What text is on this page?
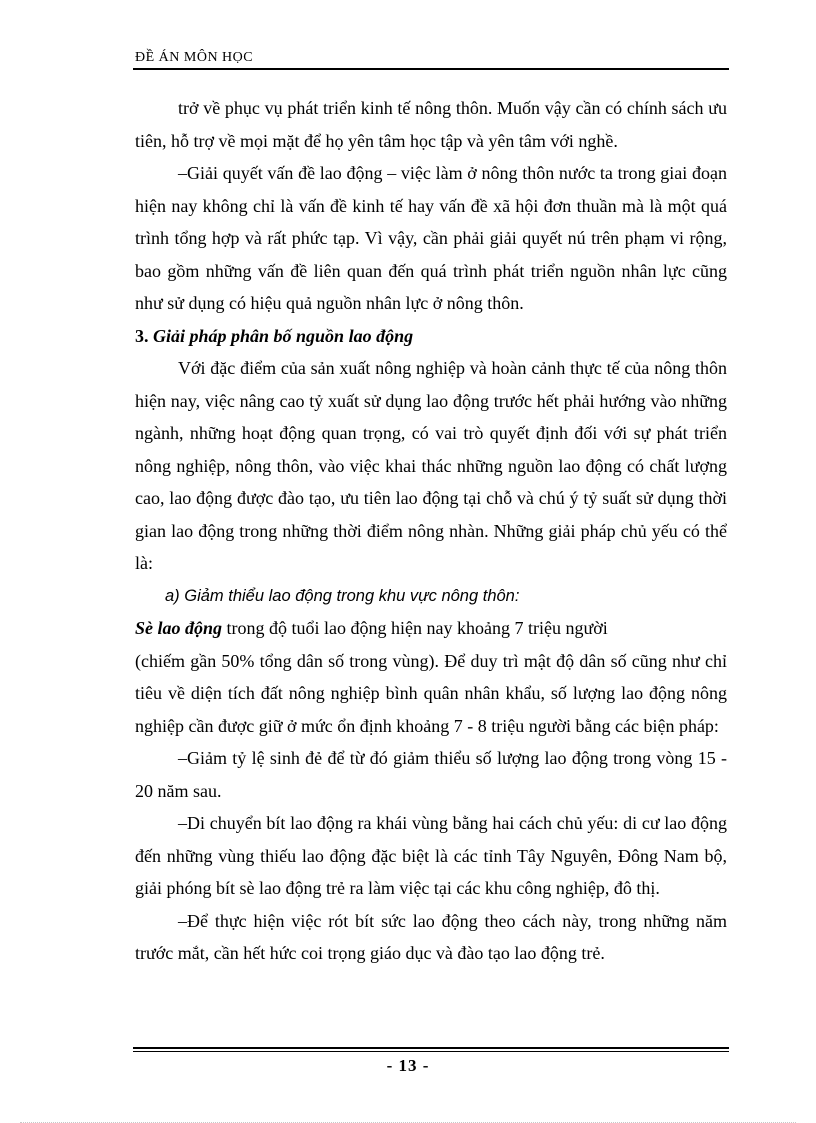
ĐỀ ÁN MÔN HỌC

trở về phục vụ phát triển kinh tế nông thôn. Muốn vậy cần có chính sách ưu tiên, hỗ trợ về mọi mặt để họ yên tâm học tập và yên tâm với nghề.

–Giải quyết vấn đề lao động – việc làm ở nông thôn nước ta trong giai đoạn hiện nay không chỉ là vấn đề kinh tế hay vấn đề xã hội đơn thuần mà là một quá trình tổng hợp và rất phức tạp. Vì vậy, cần phải giải quyết nú trên phạm vi rộng, bao gồm những vấn đề liên quan đến quá trình phát triển nguồn nhân lực cũng như sử dụng có hiệu quả nguồn nhân lực ở nông thôn.

3. Giải pháp phân bố nguồn lao động

Với đặc điểm của sản xuất nông nghiệp và hoàn cảnh thực tế của nông thôn hiện nay, việc nâng cao tỷ xuất sử dụng lao động trước hết phải hướng vào những ngành, những hoạt động quan trọng, có vai trò quyết định đối với sự phát triển nông nghiệp, nông thôn, vào việc khai thác những nguồn lao động có chất lượng cao, lao động được đào tạo, ưu tiên lao động tại chỗ và chú ý tỷ suất sử dụng thời gian lao động trong những thời điểm nông nhàn. Những giải pháp chủ yếu có thể là:

a) Giảm thiểu lao động trong khu vực nông thôn:

Sè lao động trong độ tuổi lao động hiện nay khoảng 7 triệu người

(chiếm gần 50% tổng dân số trong vùng). Để duy trì mật độ dân số cũng như chỉ tiêu về diện tích đất nông nghiệp bình quân nhân khẩu, số lượng lao động nông nghiệp cần được giữ ở mức ổn định khoảng 7 - 8 triệu người bằng các biện pháp:

–Giảm tỷ lệ sinh đẻ để từ đó giảm thiểu số lượng lao động trong vòng 15 - 20 năm sau.

–Di chuyển bít lao động ra khái vùng bằng hai cách chủ yếu: di cư lao động đến những vùng thiếu lao động đặc biệt là các tỉnh Tây Nguyên, Đông Nam bộ, giải phóng bít sè lao động trẻ ra làm việc tại các khu công nghiệp, đô thị.

–Để thực hiện việc rót bít sức lao động theo cách này, trong những năm trước mắt, cần hết hức coi trọng giáo dục và đào tạo lao động trẻ.

- 13 -
